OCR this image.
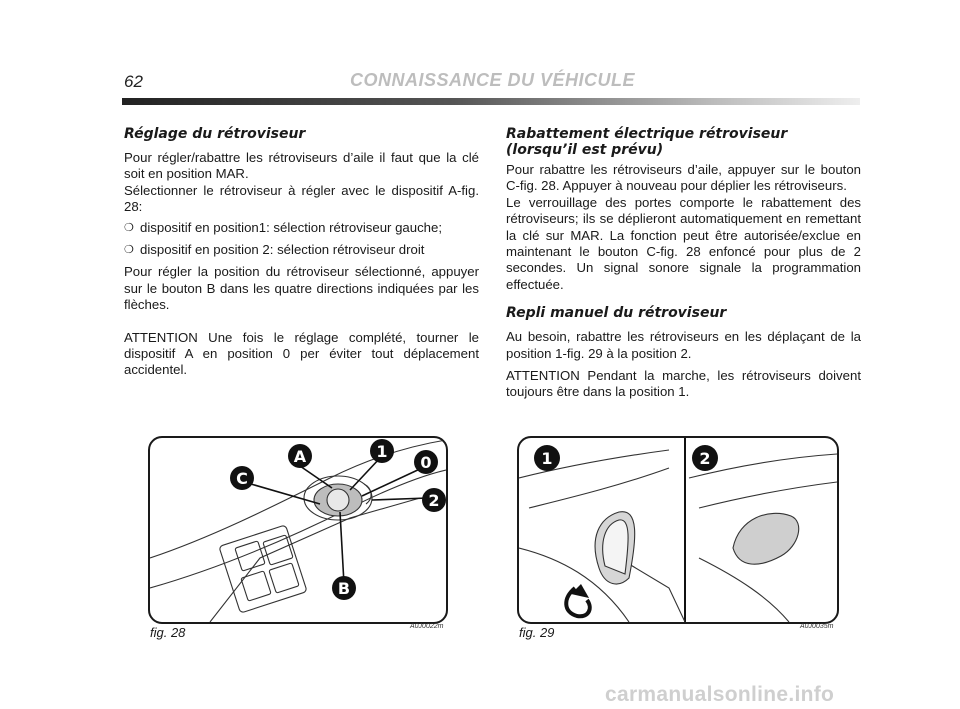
62	CONNAISSANCE DU VÉHICULE
Réglage du rétroviseur

Pour régler/rabattre les rétroviseurs d’aile il faut que la clé soit en position MAR.

Sélectionner le rétroviseur à régler avec le dispositif A-fig. 28:

❍ dispositif en position1: sélection rétroviseur gauche;
❍ dispositif en position 2: sélection rétroviseur droit

Pour régler la position du rétroviseur sélectionné, appuyer sur le bouton B dans les quatre directions indiquées par les flèches.

ATTENTION Une fois le réglage complété, tourner le dispositif A en position 0 per éviter tout déplacement accidentel.

Rabattement électrique rétroviseur
(lorsqu’il est prévu)

Pour rabattre les rétroviseurs d’aile, appuyer sur le bouton C-fig. 28. Appuyer à nouveau pour déplier les rétroviseurs.

Le verrouillage des portes comporte le rabattement des rétroviseurs; ils se déplieront automatiquement en remettant la clé sur MAR. La fonction peut être autorisée/exclue en maintenant le bouton C-fig. 28 enfoncé pour plus de 2 secondes. Un signal sonore signale la programmation effectuée.

Repli manuel du rétroviseur

Au besoin, rabattre les rétroviseurs en les déplaçant de la position 1-fig. 29 à la position 2.

ATTENTION Pendant la marche, les rétroviseurs doivent toujours être dans la position 1.

A	1
0
2
C
B
fig. 28	A0J0022m
1	2
fig. 29	A0J0035m
carmanualsonline.info
